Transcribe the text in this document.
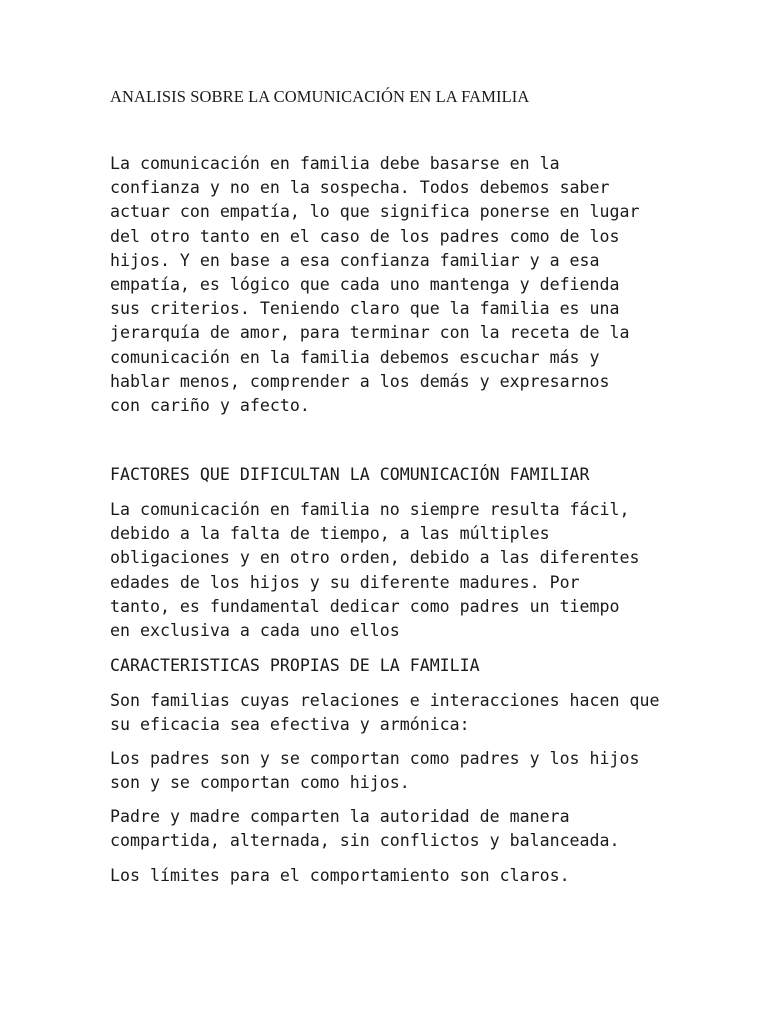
ANALISIS SOBRE LA COMUNICACIÓN EN LA FAMILIA

La comunicación en familia debe basarse en la
confianza y no en la sospecha. Todos debemos saber
actuar con empatía, lo que significa ponerse en lugar
del otro tanto en el caso de los padres como de los
hijos. Y en base a esa confianza familiar y a esa
empatía, es lógico que cada uno mantenga y defienda
sus criterios. Teniendo claro que la familia es una
jerarquía de amor, para terminar con la receta de la
comunicación en la familia debemos escuchar más y
hablar menos, comprender a los demás y expresarnos
con cariño y afecto.

FACTORES QUE DIFICULTAN LA COMUNICACIÓN FAMILIAR

La comunicación en familia no siempre resulta fácil,
debido a la falta de tiempo, a las múltiples
obligaciones y en otro orden, debido a las diferentes
edades de los hijos y su diferente madures. Por
tanto, es fundamental dedicar como padres un tiempo
en exclusiva a cada uno ellos

CARACTERISTICAS PROPIAS DE LA FAMILIA

Son familias cuyas relaciones e interacciones hacen que
su eficacia sea efectiva y armónica:

Los padres son y se comportan como padres y los hijos
son y se comportan como hijos.

Padre y madre comparten la autoridad de manera
compartida, alternada, sin conflictos y balanceada.

Los límites para el comportamiento son claros.
